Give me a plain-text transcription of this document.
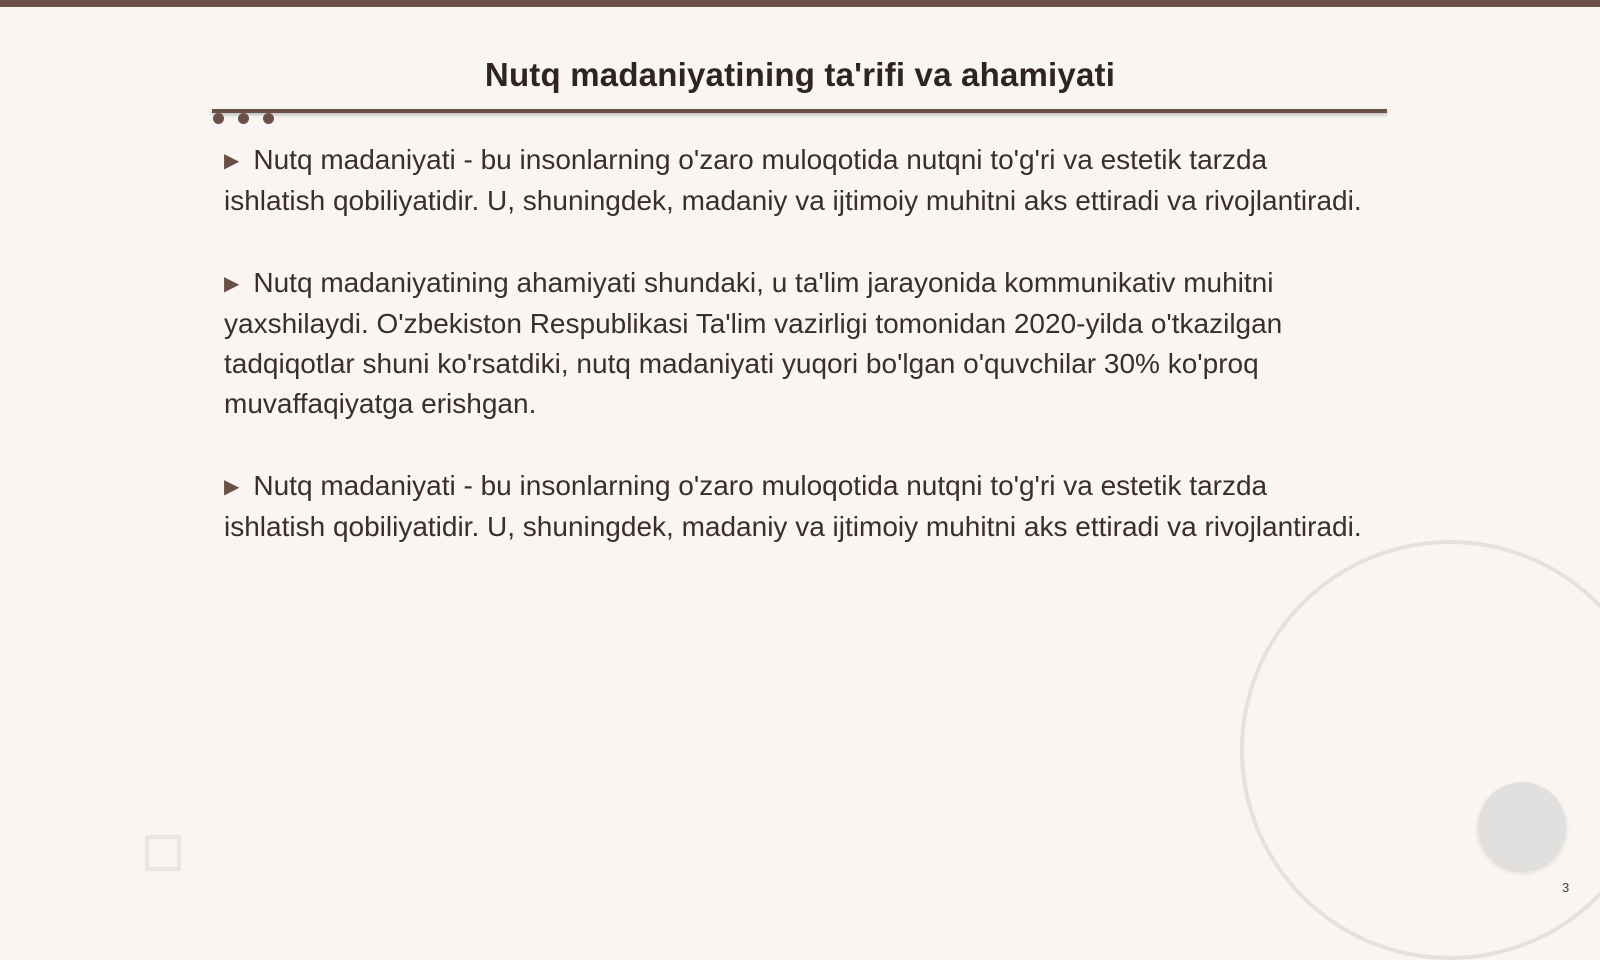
Nutq madaniyatining ta'rifi va ahamiyati

▶ Nutq madaniyati - bu insonlarning o'zaro muloqotida nutqni to'g'ri va estetik tarzda ishlatish qobiliyatidir. U, shuningdek, madaniy va ijtimoiy muhitni aks ettiradi va rivojlantiradi.

▶ Nutq madaniyatining ahamiyati shundaki, u ta'lim jarayonida kommunikativ muhitni yaxshilaydi. O'zbekiston Respublikasi Ta'lim vazirligi tomonidan 2020-yilda o'tkazilgan tadqiqotlar shuni ko'rsatdiki, nutq madaniyati yuqori bo'lgan o'quvchilar 30% ko'proq muvaffaqiyatga erishgan.

▶ Nutq madaniyati - bu insonlarning o'zaro muloqotida nutqni to'g'ri va estetik tarzda ishlatish qobiliyatidir. U, shuningdek, madaniy va ijtimoiy muhitni aks ettiradi va rivojlantiradi.

3
